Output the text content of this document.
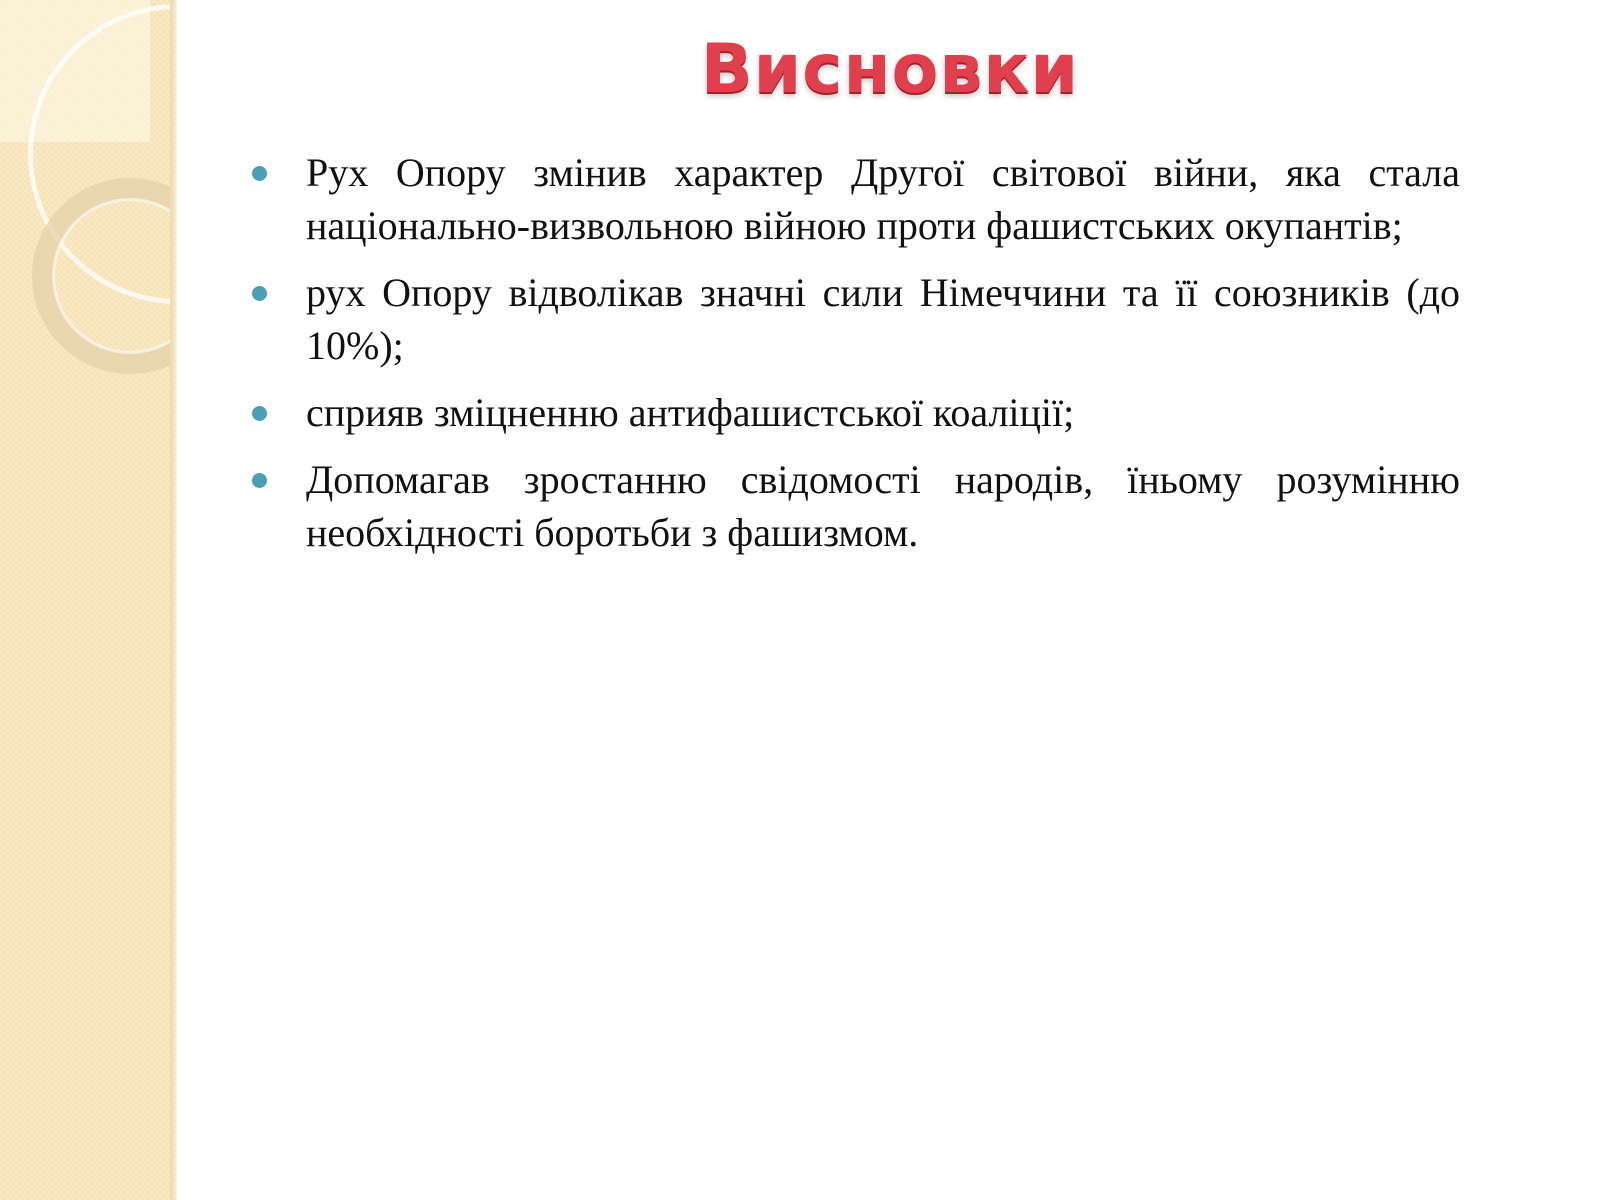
Висновки
Рух Опору змінив характер Другої світової війни, яка стала національно-визвольною війною проти фашистських окупантів;
рух Опору відволікав значні сили Німеччини та її союзників (до 10%);
сприяв зміцненню антифашистської коаліції;
Допомагав зростанню свідомості народів, їньому розумінню необхідності боротьби з фашизмом.
